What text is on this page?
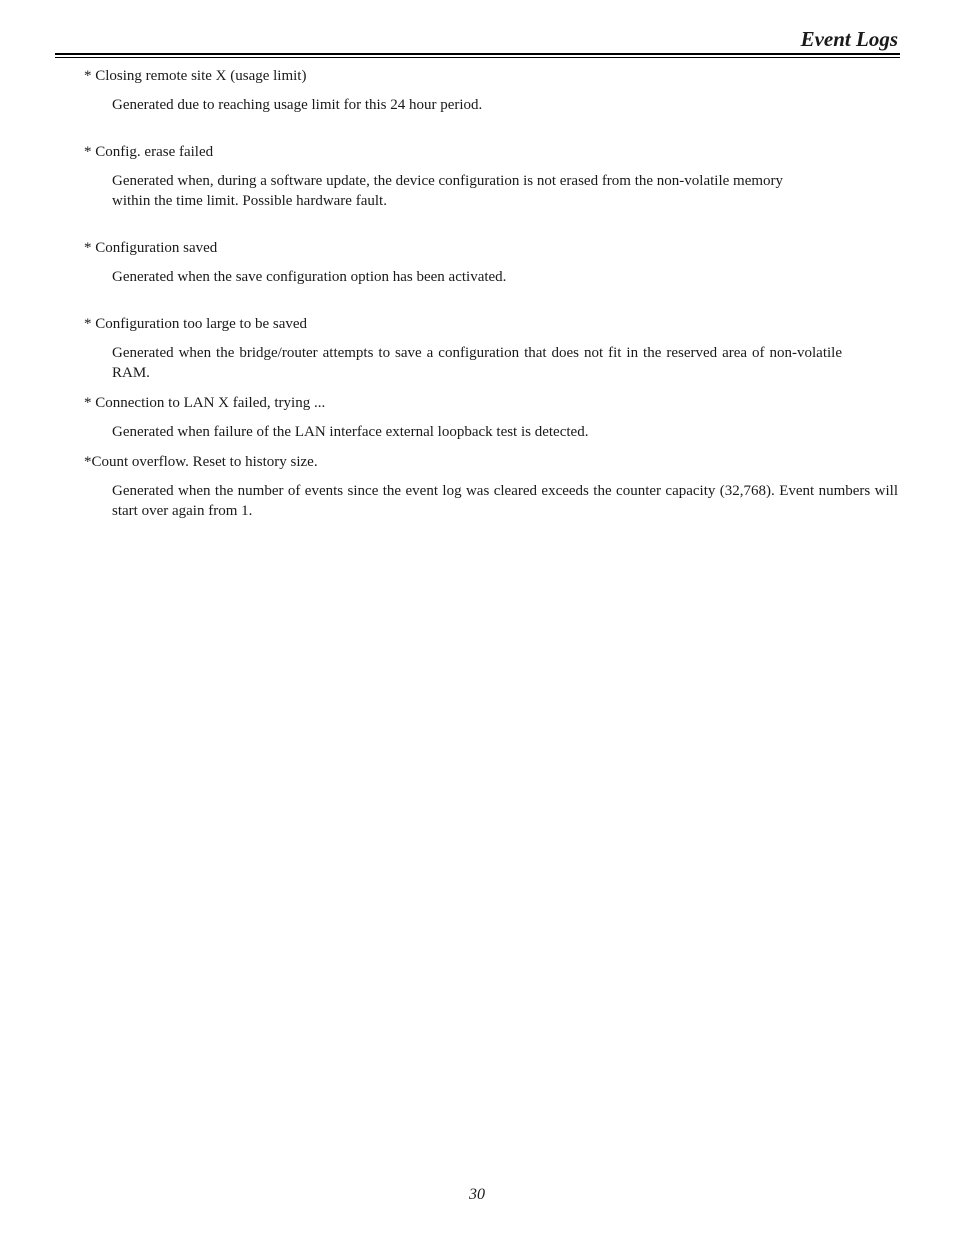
Event Logs

* Closing remote site X (usage limit)

Generated due to reaching usage limit for this 24 hour period.

* Config. erase failed

Generated when, during a software update, the device configuration is not erased from the non-volatile memory within the time limit. Possible hardware fault.

* Configuration saved

Generated when the save configuration option has been activated.

* Configuration too large to be saved

Generated when the bridge/router attempts to save a configuration that does not fit in the reserved area of non-volatile RAM.

* Connection to LAN X failed, trying ...

Generated when failure of the LAN interface external loopback test is detected.

*Count overflow. Reset to history size.

Generated when the number of events since the event log was cleared exceeds the counter capacity (32,768). Event numbers will start over again from 1.

30
